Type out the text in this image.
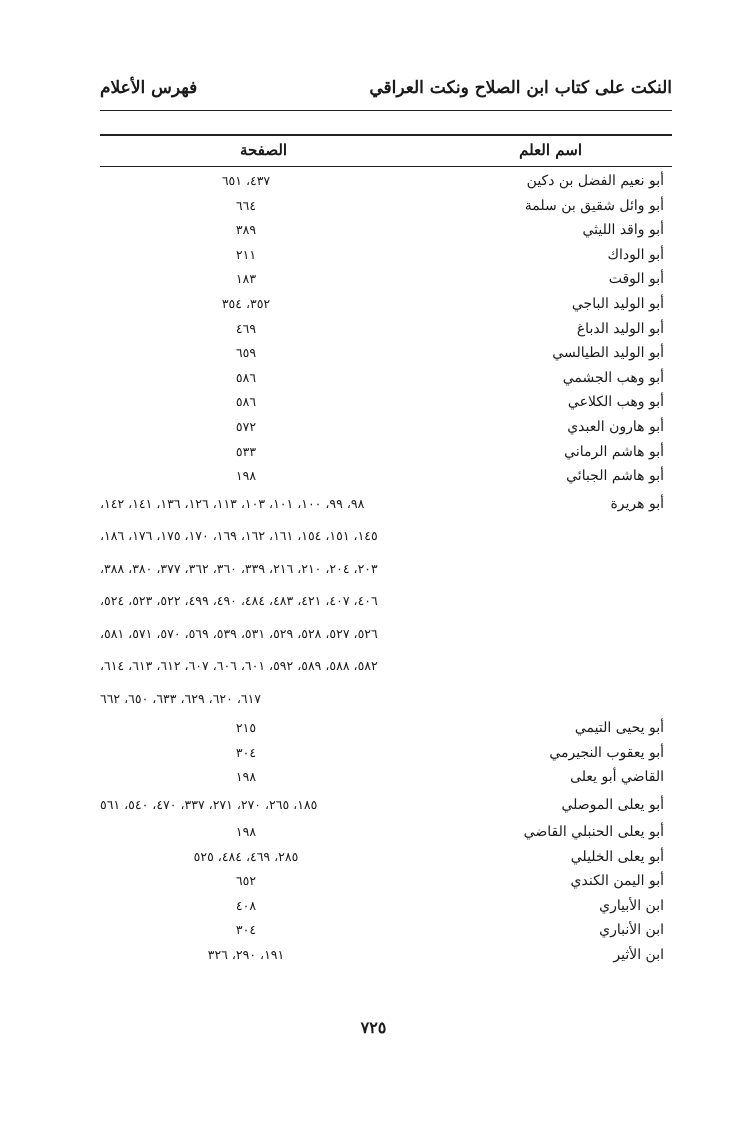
النكت على كتاب ابن الصلاح ونكت العراقي
فهرس الأعلام
اسم العلم
الصفحة
أبو نعيم الفضل بن دكين
٤٣٧، ٦٥١
أبو وائل شقيق بن سلمة
٦٦٤
أبو واقد الليثي
٣٨٩
أبو الوداك
٢١١
أبو الوقت
١٨٣
أبو الوليد الباجي
٣٥٢، ٣٥٤
أبو الوليد الدباغ
٤٦٩
أبو الوليد الطيالسي
٦٥٩
أبو وهب الجشمي
٥٨٦
أبو وهب الكلاعي
٥٨٦
أبو هارون العبدي
٥٧٢
أبو هاشم الرماني
٥٣٣
أبو هاشم الجبائي
١٩٨
أبو هريرة
٩٨، ٩٩، ١٠٠، ١٠١، ١٠٣، ١١٣، ١٢٦، ١٣٦، ١٤١، ١٤٢،
١٤٥، ١٥١، ١٥٤، ١٦١، ١٦٢، ١٦٩، ١٧٠، ١٧٥، ١٧٦، ١٨٦،
٢٠٣، ٢٠٤، ٢١٠، ٢١٦، ٣٣٩، ٣٦٠، ٣٦٢، ٣٧٧، ٣٨٠، ٣٨٨،
٤٠٦، ٤٠٧، ٤٢١، ٤٨٣، ٤٨٤، ٤٩٠، ٤٩٩، ٥٢٢، ٥٢٣، ٥٢٤،
٥٢٦، ٥٢٧، ٥٢٨، ٥٢٩، ٥٣١، ٥٣٩، ٥٦٩، ٥٧٠، ٥٧١، ٥٨١،
٥٨٢، ٥٨٨، ٥٨٩، ٥٩٢، ٦٠١، ٦٠٦، ٦٠٧، ٦١٢، ٦١٣، ٦١٤،
٦١٧، ٦٢٠، ٦٢٩، ٦٣٣، ٦٥٠، ٦٦٢
أبو يحيى التيمي
٢١٥
أبو يعقوب النجيرمي
٣٠٤
القاضي أبو يعلى
١٩٨
أبو يعلى الموصلي
١٨٥، ٢٦٥، ٢٧٠، ٢٧١، ٣٣٧، ٤٧٠، ٥٤٠، ٥٦١
أبو يعلى الحنبلي القاضي
١٩٨
أبو يعلى الخليلي
٢٨٥، ٤٦٩، ٤٨٤، ٥٢٥
أبو اليمن الكندي
٦٥٢
ابن الأبياري
٤٠٨
ابن الأنباري
٣٠٤
ابن الأثير
١٩١، ٢٩٠، ٣٢٦
٧٢٥
